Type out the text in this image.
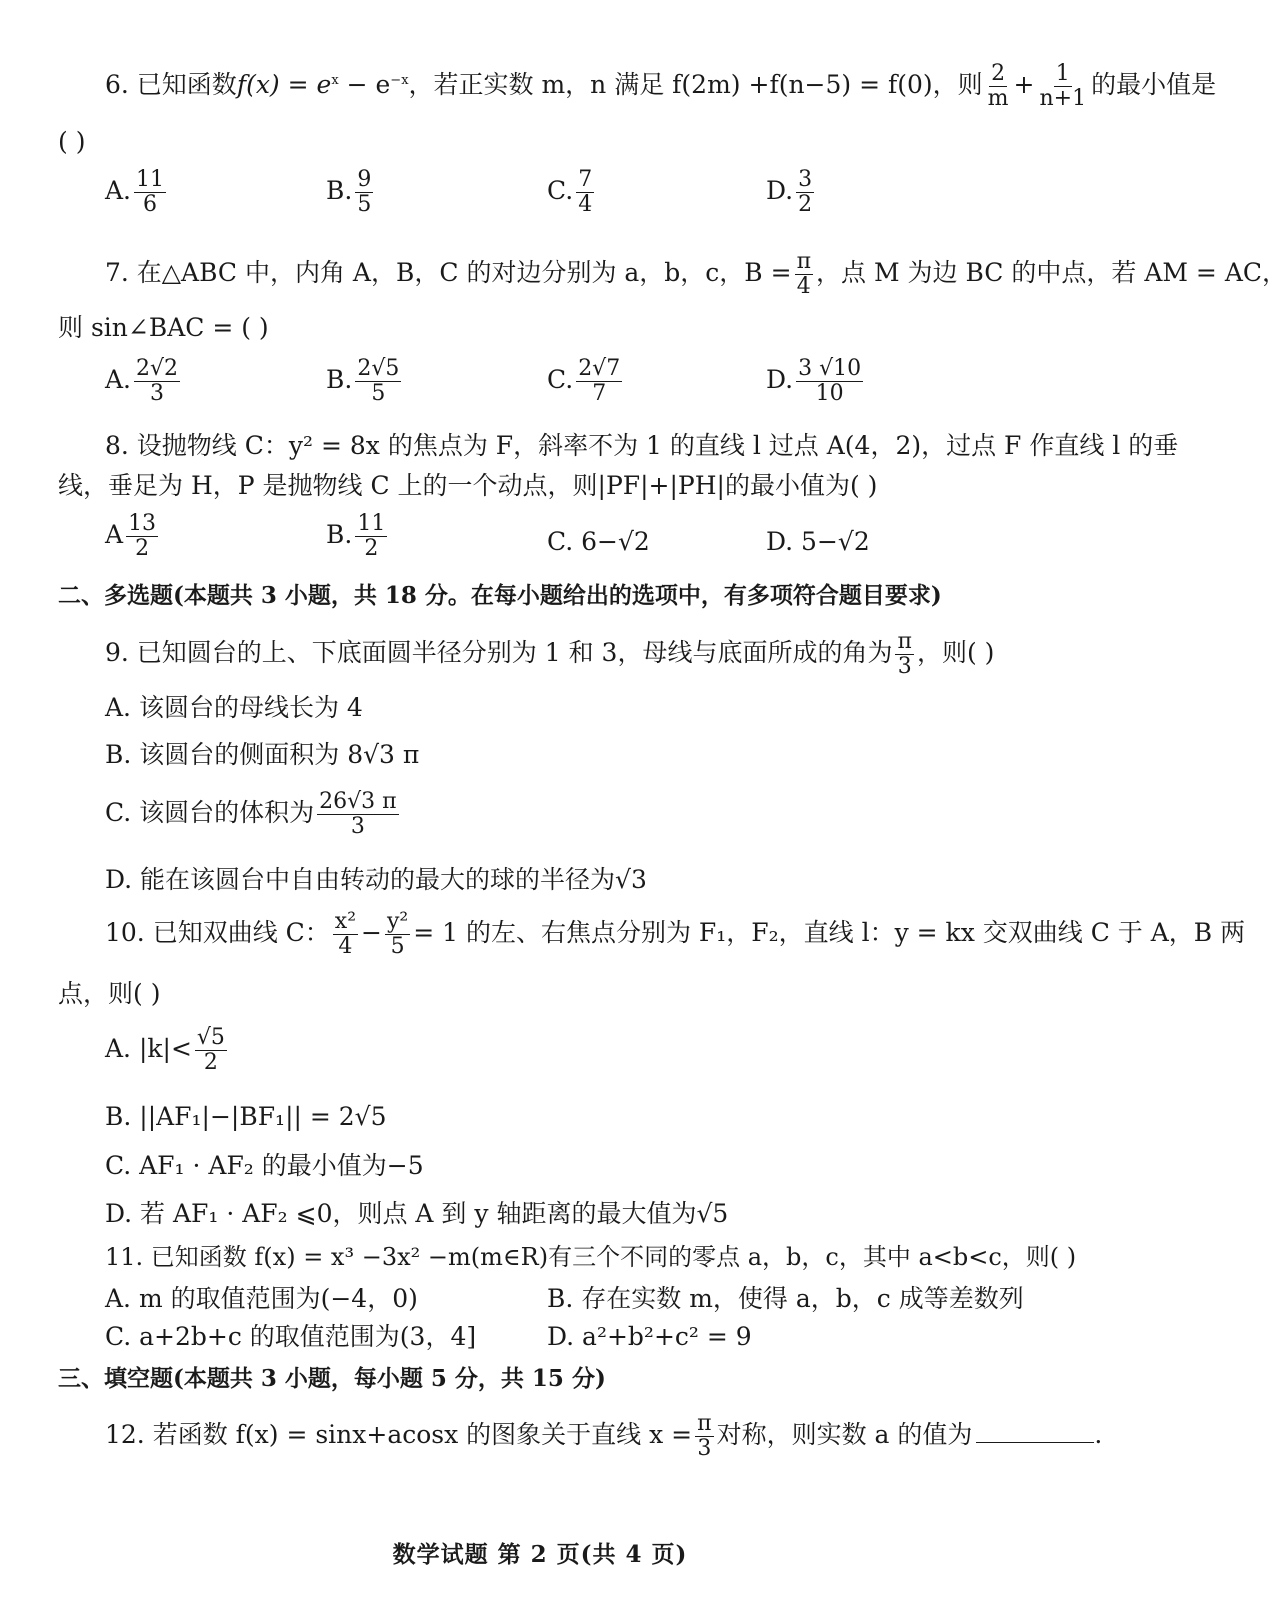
6. 已知函数$f(x) = e^x - e^{-x}$，若正实数 m，n 满足 f(2m) +f(n−5) = f(0)，则 $\frac{2}{m} + \frac{1}{n+1}$ 的最小值是
( )
A. $\frac{11}{6}$	B. $\frac{9}{5}$	C. $\frac{7}{4}$	D. $\frac{3}{2}$
7. 在△ABC 中，内角 A，B，C 的对边分别为 a，b，c，$B = \frac{\pi}{4}$ ，点 M 为边 BC 的中点，若 AM = AC，
则 sin∠BAC = ( )
A. $\frac{2√2}{3}$	B. $\frac{2√5}{5}$	C. $\frac{2√7}{7}$	D. $\frac{3 √10}{10}$
8. 设抛物线 C：y² = 8x 的焦点为 F，斜率不为 1 的直线 l 过点 A(4，2)，过点 F 作直线 l 的垂
线，垂足为 H，P 是抛物线 C 上的一个动点，则|PF|+|PH|的最小值为( )
A $\frac{13}{2}$	B. $\frac{11}{2}$	C. 6−√2	D. 5−√2
二、多选题(本题共 3 小题，共 18 分。在每小题给出的选项中，有多项符合题目要求)
9. 已知圆台的上、下底面圆半径分别为 1 和 3，母线与底面所成的角为 $\frac{\pi}{3}$ ，则( )
A. 该圆台的母线长为 4
B. 该圆台的侧面积为 8√3 π
C. 该圆台的体积为 $\frac{26√3 \pi}{3}$
D. 能在该圆台中自由转动的最大的球的半径为√3
10. 已知双曲线 C： $\frac{\text{x²}}{4} - \frac{\text{y²}}{5} = 1$ 的左、右焦点分别为 F₁，F₂，直线 l：y = kx 交双曲线 C 于 A，B 两
点，则( )
A. $|k|< \frac{√5}{2}$
B. ||AF₁|−|BF₁|| = 2√5
C. AF₁ · AF₂ 的最小值为−5
D. 若 AF₁ · AF₂ ⩽0，则点 A 到 y 轴距离的最大值为√5
11. 已知函数 f(x) = x³ −3x² −m(m∈R)有三个不同的零点 a，b，c，其中 a<b<c，则( )
A. m 的取值范围为(−4，0)	B. 存在实数 m，使得 a，b，c 成等差数列
C. a+2b+c 的取值范围为(3，4]	D. a²+b²+c² = 9
三、填空题(本题共 3 小题，每小题 5 分，共 15 分)
12. 若函数 f(x) = sinx+acosx 的图象关于直线 $x = \frac{\pi}{3}$ 对称，则实数 a 的值为	.
数学试题 第 2 页(共 4 页)
